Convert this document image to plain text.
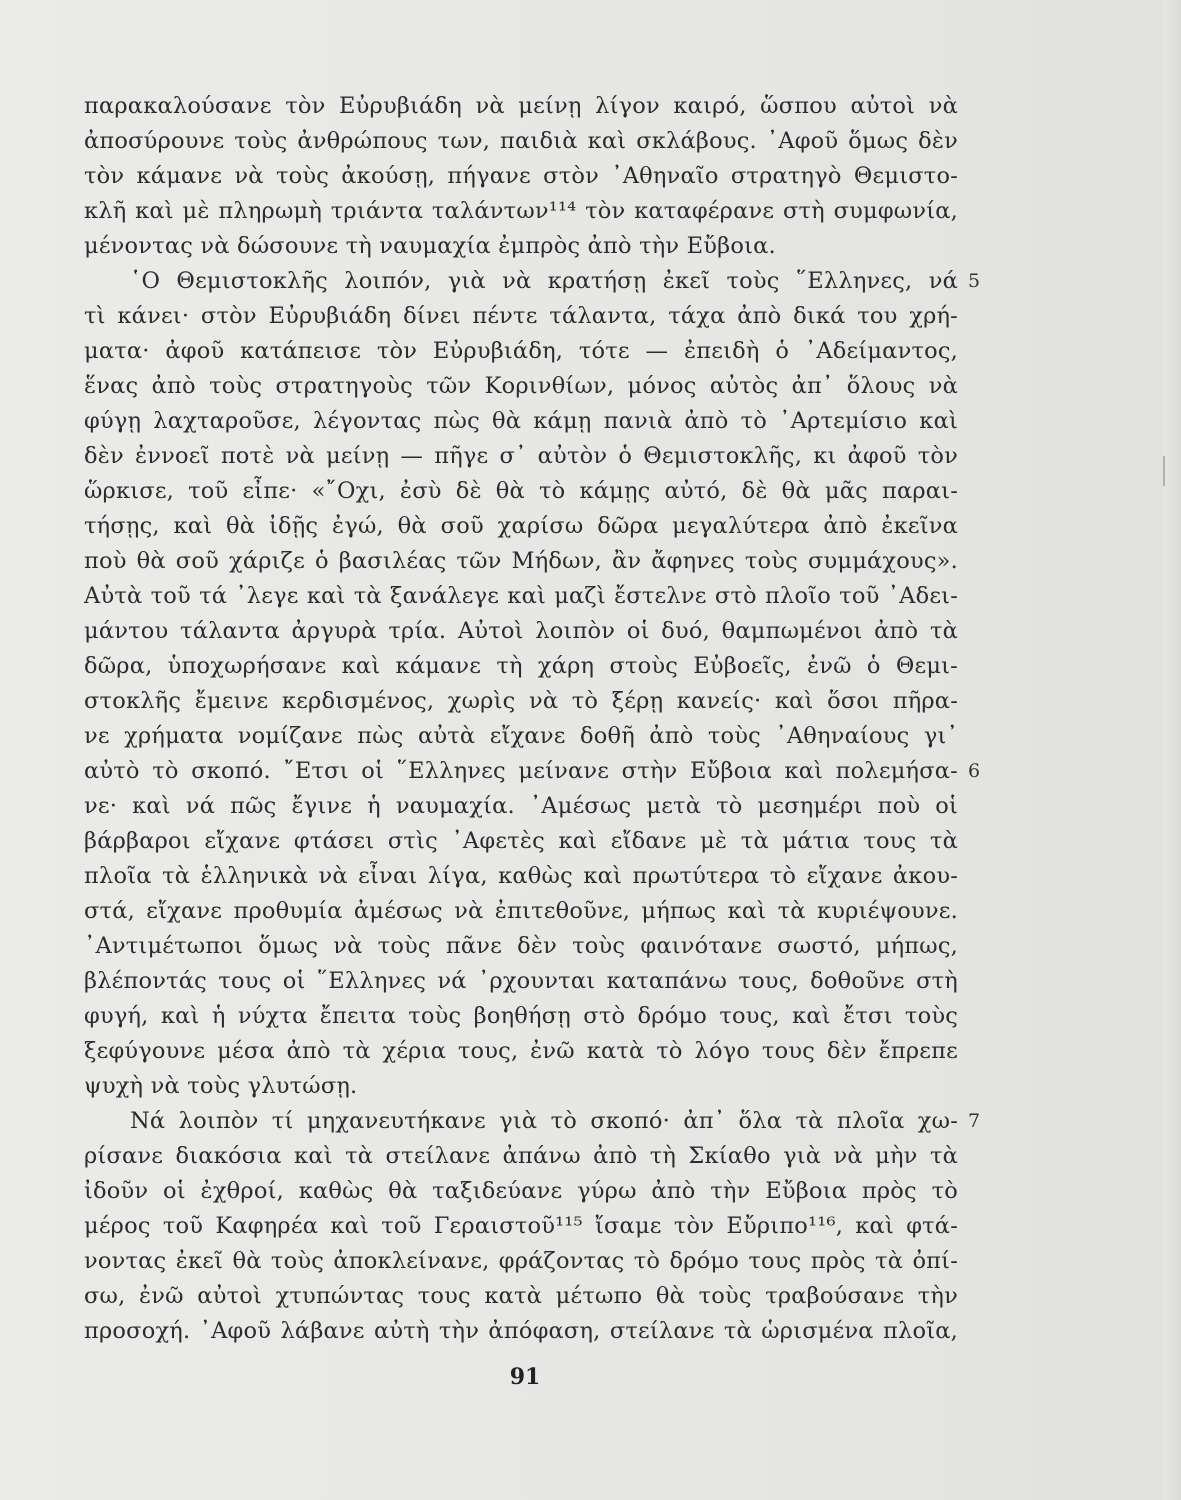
παρακαλούσανε τὸν Εὐρυβιάδη νὰ μείνῃ λίγον καιρό, ὥσπου αὐτοὶ νὰ
ἀποσύρουνε τοὺς ἀνθρώπους των, παιδιὰ καὶ σκλάβους. ᾿Αφοῦ ὅμως δὲν
τὸν κάμανε νὰ τοὺς ἀκούσῃ, πήγανε στὸν ᾿Αθηναῖο στρατηγὸ Θεμιστο-
κλῆ καὶ μὲ πληρωμὴ τριάντα ταλάντων¹¹⁴ τὸν καταφέρανε στὴ συμφωνία,
μένοντας νὰ δώσουνε τὴ ναυμαχία ἐμπρὸς ἀπὸ τὴν Εὔβοια.
῾Ο Θεμιστοκλῆς λοιπόν, γιὰ νὰ κρατήσῃ ἐκεῖ τοὺς ῞Ελληνες, νά
τὶ κάνει· στὸν Εὐρυβιάδη δίνει πέντε τάλαντα, τάχα ἀπὸ δικά του χρή-
ματα· ἀφοῦ κατάπεισε τὸν Εὐρυβιάδη, τότε — ἐπειδὴ ὁ ᾿Αδείμαντος,
ἕνας ἀπὸ τοὺς στρατηγοὺς τῶν Κορινθίων, μόνος αὐτὸς ἀπ᾿ ὅλους νὰ
φύγῃ λαχταροῦσε, λέγοντας πὼς θὰ κάμῃ πανιὰ ἀπὸ τὸ ᾿Αρτεμίσιο καὶ
δὲν ἐννοεῖ ποτὲ νὰ μείνῃ — πῆγε σ᾿ αὐτὸν ὁ Θεμιστοκλῆς, κι ἀφοῦ τὸν
ὥρκισε, τοῦ εἶπε· «῎Οχι, ἐσὺ δὲ θὰ τὸ κάμῃς αὐτό, δὲ θὰ μᾶς παραι-
τήσῃς, καὶ θὰ ἰδῇς ἐγώ, θὰ σοῦ χαρίσω δῶρα μεγαλύτερα ἀπὸ ἐκεῖνα
ποὺ θὰ σοῦ χάριζε ὁ βασιλέας τῶν Μήδων, ἂν ἄφηνες τοὺς συμμάχους».
Αὐτὰ τοῦ τά ᾿λεγε καὶ τὰ ξανάλεγε καὶ μαζὶ ἔστελνε στὸ πλοῖο τοῦ ᾿Αδει-
μάντου τάλαντα ἀργυρὰ τρία. Αὐτοὶ λοιπὸν οἱ δυό, θαμπωμένοι ἀπὸ τὰ
δῶρα, ὑποχωρήσανε καὶ κάμανε τὴ χάρη στοὺς Εὐβοεῖς, ἐνῶ ὁ Θεμι-
στοκλῆς ἔμεινε κερδισμένος, χωρὶς νὰ τὸ ξέρῃ κανείς· καὶ ὅσοι πῆρα-
νε χρήματα νομίζανε πὼς αὐτὰ εἴχανε δοθῆ ἀπὸ τοὺς ᾿Αθηναίους γι᾿
αὐτὸ τὸ σκοπό. ῎Ετσι οἱ ῞Ελληνες μείνανε στὴν Εὔβοια καὶ πολεμήσα-
νε· καὶ νά πῶς ἔγινε ἡ ναυμαχία. ᾿Αμέσως μετὰ τὸ μεσημέρι ποὺ οἱ
βάρβαροι εἴχανε φτάσει στὶς ᾿Αφετὲς καὶ εἴδανε μὲ τὰ μάτια τους τὰ
πλοῖα τὰ ἑλληνικὰ νὰ εἶναι λίγα, καθὼς καὶ πρωτύτερα τὸ εἴχανε ἀκου-
στά, εἴχανε προθυμία ἀμέσως νὰ ἐπιτεθοῦνε, μήπως καὶ τὰ κυριέψουνε.
᾿Αντιμέτωποι ὅμως νὰ τοὺς πᾶνε δὲν τοὺς φαινότανε σωστό, μήπως,
βλέποντάς τους οἱ ῞Ελληνες νά ᾿ρχουνται καταπάνω τους, δοθοῦνε στὴ
φυγή, καὶ ἡ νύχτα ἔπειτα τοὺς βοηθήσῃ στὸ δρόμο τους, καὶ ἔτσι τοὺς
ξεφύγουνε μέσα ἀπὸ τὰ χέρια τους, ἐνῶ κατὰ τὸ λόγο τους δὲν ἔπρεπε
ψυχὴ νὰ τοὺς γλυτώσῃ.
Νά λοιπὸν τί μηχανευτήκανε γιὰ τὸ σκοπό· ἀπ᾿ ὅλα τὰ πλοῖα χω-
ρίσανε διακόσια καὶ τὰ στείλανε ἀπάνω ἀπὸ τὴ Σκίαθο γιὰ νὰ μὴν τὰ
ἰδοῦν οἱ ἐχθροί, καθὼς θὰ ταξιδεύανε γύρω ἀπὸ τὴν Εὔβοια πρὸς τὸ
μέρος τοῦ Καφηρέα καὶ τοῦ Γεραιστοῦ¹¹⁵ ἴσαμε τὸν Εὔριπο¹¹⁶, καὶ φτά-
νοντας ἐκεῖ θὰ τοὺς ἀποκλείνανε, φράζοντας τὸ δρόμο τους πρὸς τὰ ὀπί-
σω, ἐνῶ αὐτοὶ χτυπώντας τους κατὰ μέτωπο θὰ τοὺς τραβούσανε τὴν
προσοχή. ᾿Αφοῦ λάβανε αὐτὴ τὴν ἀπόφαση, στείλανε τὰ ὡρισμένα πλοῖα,
5
6
7
91
